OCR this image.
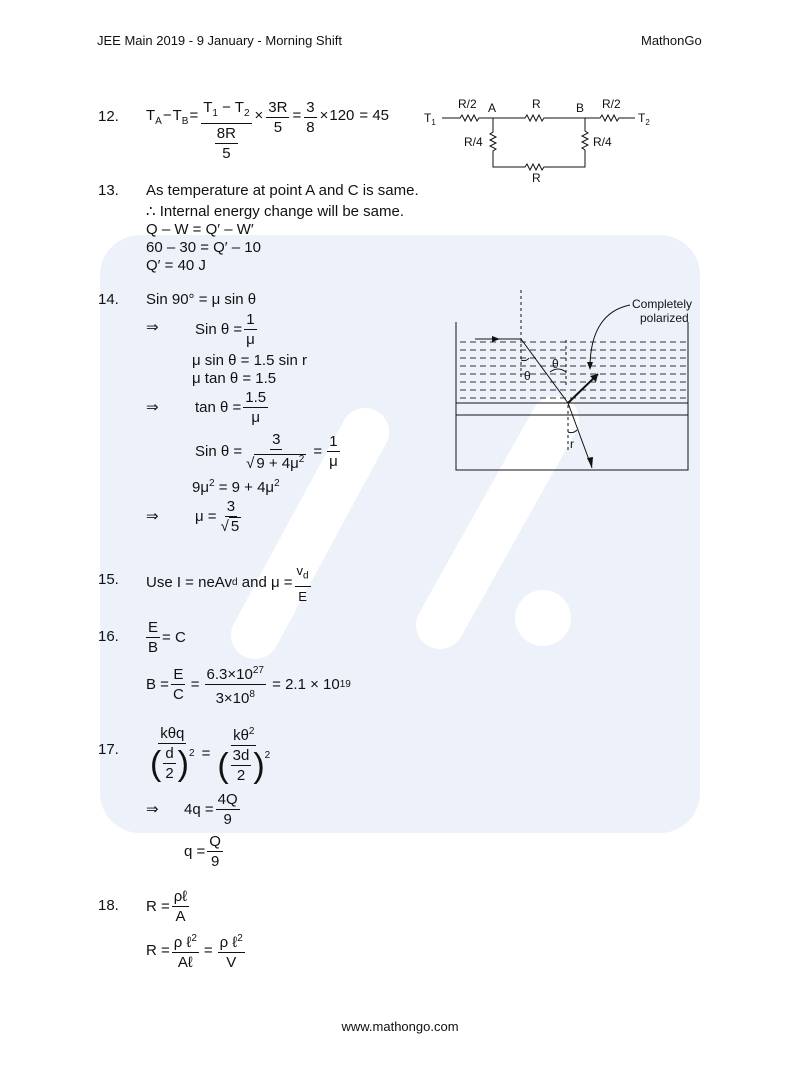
JEE Main 2019 - 9 January - Morning Shift	MathonGo
12. $T_A-T_B= \frac{T_1 - T_2}{\frac{8R}{5}} \times \frac{3R}{5} = \frac{3}{8} \times 120 = 45$	$T_1$
R/2 A	R	B R/2
$T_2$
R/4	R/4
R
13. As temperature at point A and C is same.
∴ Internal energy change will be same.
Q – W = Q′ – W′
60 – 30 = Q′ – 10
Q′ = 40 J
14. Sin 90° = μ sin θ
⇒ Sin $\theta = \frac{1}{\mu}$
μ sin θ = 1.5 sin r
μ tan θ = 1.5
⇒ $\tan \theta = \frac{1.5}{\mu}$
Sin $\theta = \frac{3}{√ 9 + 4\mu^2} = \frac{1}{\mu}$
$9\mu^2 = 9 + 4\mu^2$
⇒ $\mu = \frac{3}{√ 5}$
Completely
polarized
θ
θ
r
15. Use I = neAv d
and
$\mu = \frac{v_d}{E}$
16. $\frac{E}{B} = C$
$B = \frac{E}{C} = \frac{6.3\times 10^{27}}{3\times 10^8}$
= 2.1 × 10 19
17. $\frac{\text{kθq}}{( \frac{d}{2} )^2} = \frac{k\theta^2}{( \frac{3d}{2} )^2}$
⇒ $4q = \frac{4Q}{9}$
$q = \frac{Q}{9}$
18. $R = \frac{\text{ρℓ}}{A}$
$R = \frac{\rho \ell^2}{\text{Aℓ}} = \frac{\rho \ell^2}{V}$
www.mathongo.com
